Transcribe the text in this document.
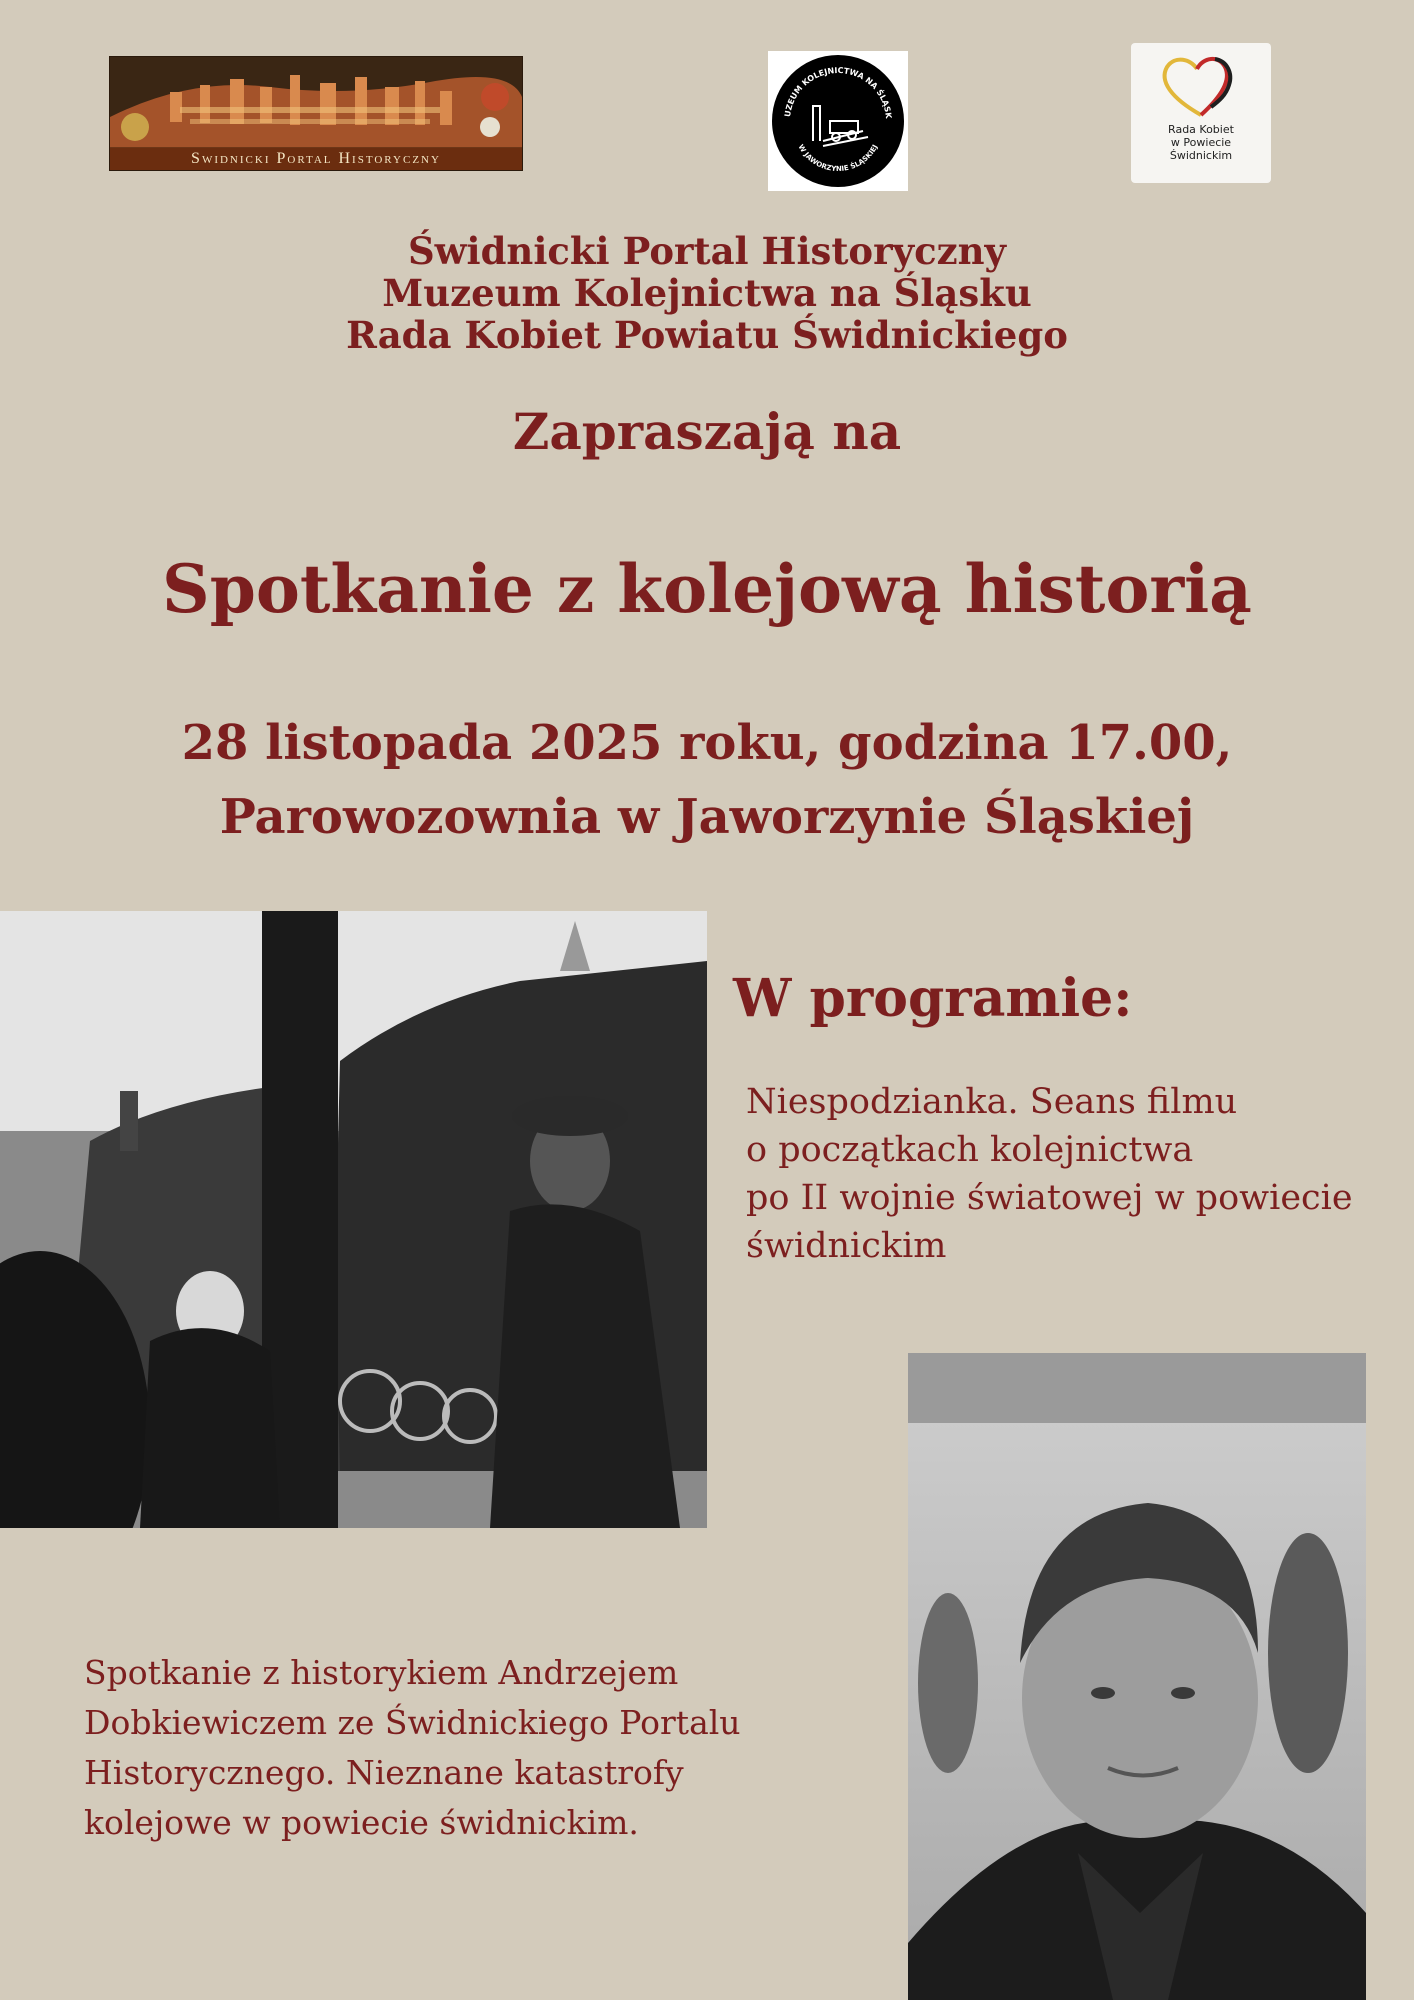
Swidnicki Portal Historyczny
UZEUM KOLEJNICTWA NA ŚLĄSK
W JAWORZYNIE ŚLĄSKIEJ
Rada Kobiet
w Powiecie
Świdnickim
Świdnicki Portal Historyczny
Muzeum Kolejnictwa na Śląsku
Rada Kobiet Powiatu Świdnickiego
Zapraszają na
Spotkanie z kolejową historią
28 listopada 2025 roku, godzina 17.00,
Parowozownia w Jaworzynie Śląskiej
W programie:
Niespodzianka. Seans filmu
o początkach kolejnictwa
po II wojnie światowej w powiecie
świdnickim
Spotkanie z historykiem Andrzejem Dobkiewiczem ze Świdnickiego Portalu Historycznego. Nieznane katastrofy kolejowe w powiecie świdnickim.
